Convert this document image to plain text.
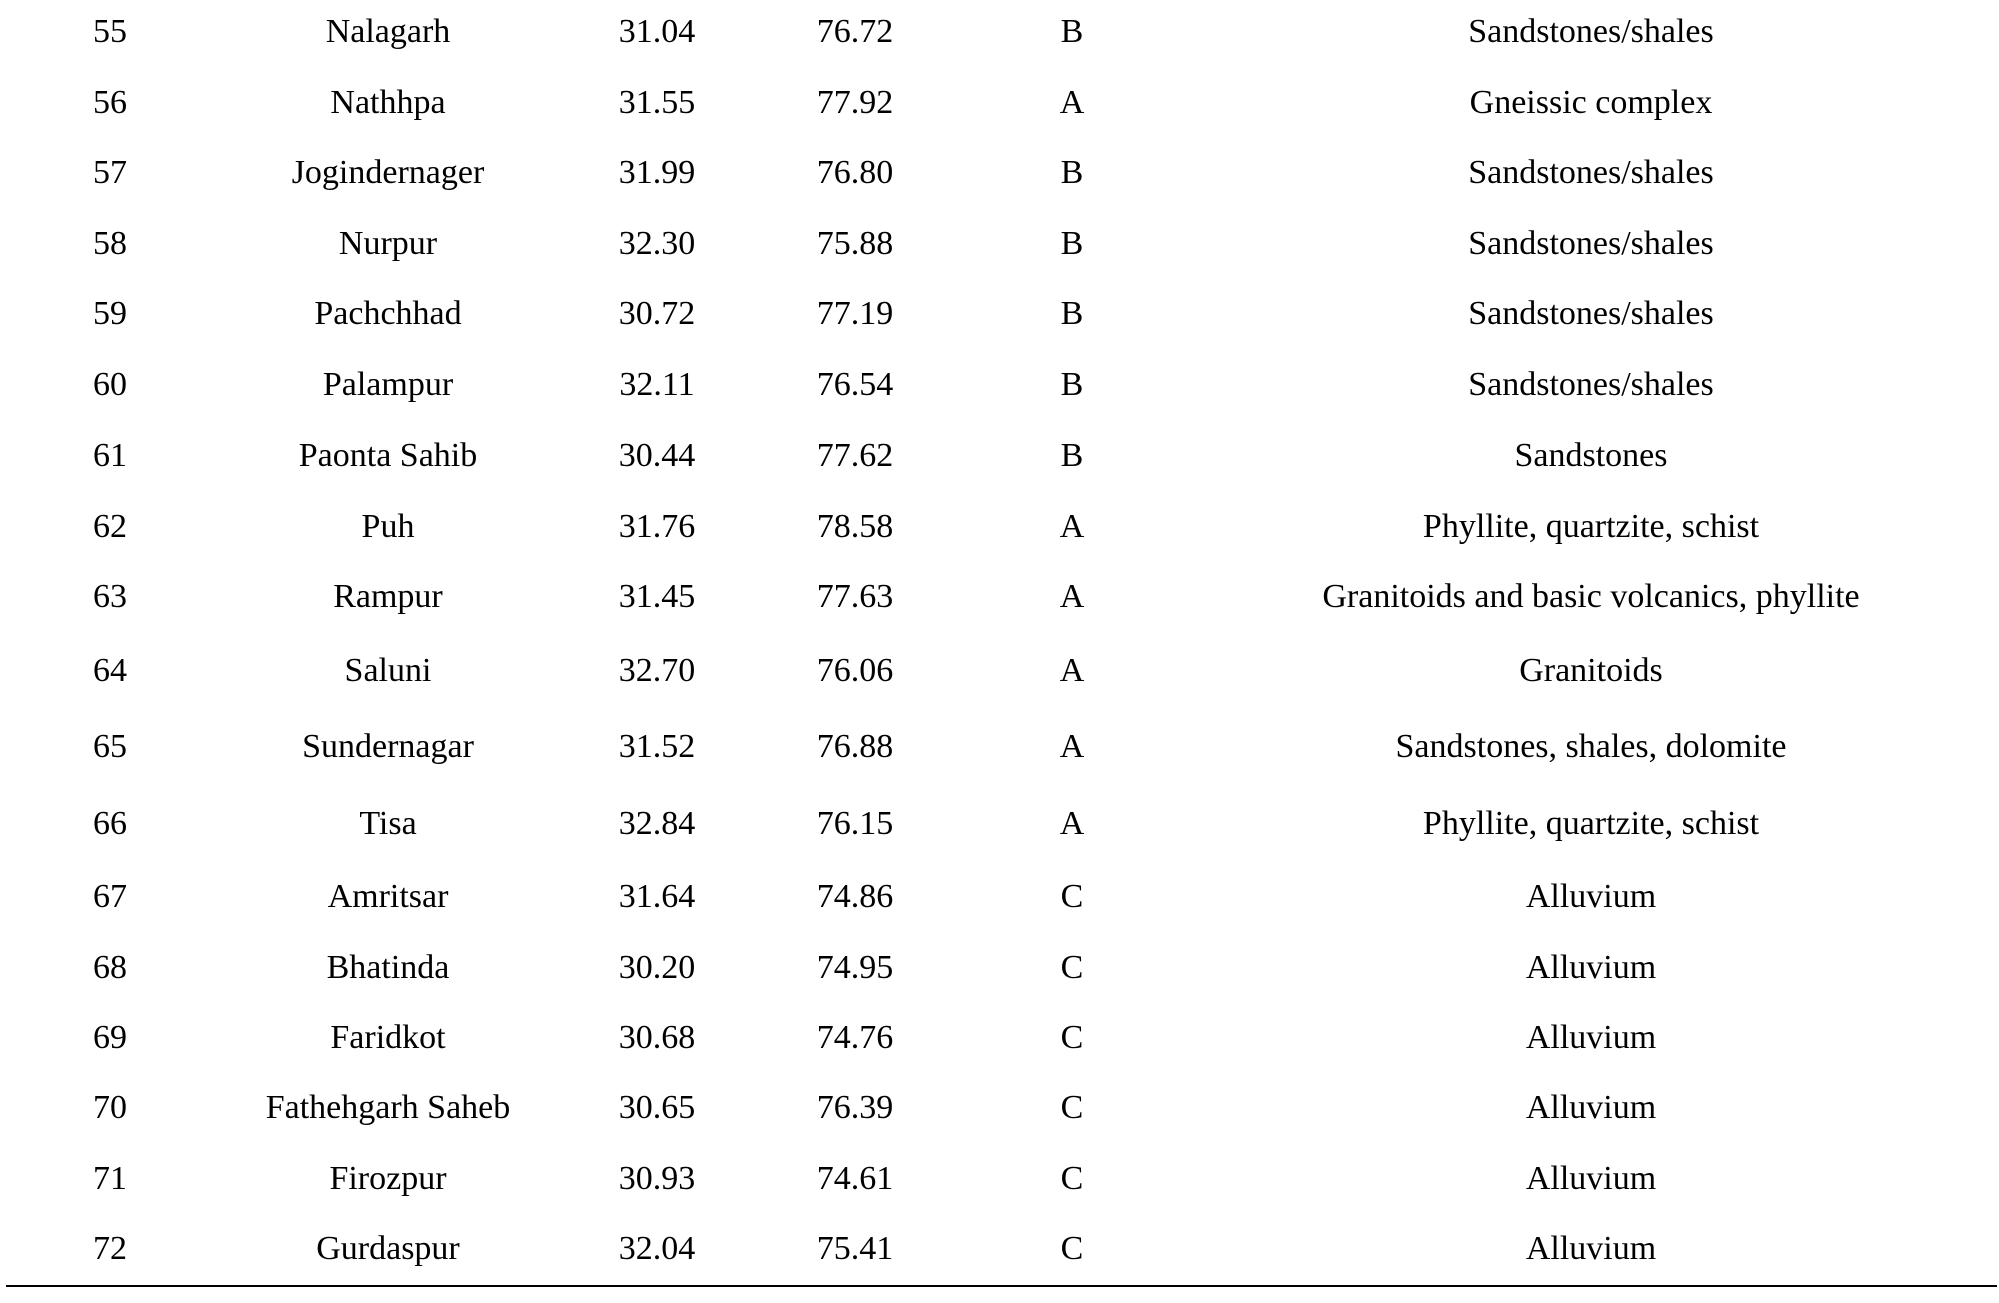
55	Nalagarh	31.04	76.72	B	Sandstones/shales
56	Nathhpa	31.55	77.92	A	Gneissic complex
57	Jogindernager	31.99	76.80	B	Sandstones/shales
58	Nurpur	32.30	75.88	B	Sandstones/shales
59	Pachchhad	30.72	77.19	B	Sandstones/shales
60	Palampur	32.11	76.54	B	Sandstones/shales
61	Paonta Sahib	30.44	77.62	B	Sandstones
62	Puh	31.76	78.58	A	Phyllite, quartzite, schist
63	Rampur	31.45	77.63	A	Granitoids and basic volcanics, phyllite
64	Saluni	32.70	76.06	A	Granitoids
65	Sundernagar	31.52	76.88	A	Sandstones, shales, dolomite
66	Tisa	32.84	76.15	A	Phyllite, quartzite, schist
67	Amritsar	31.64	74.86	C	Alluvium
68	Bhatinda	30.20	74.95	C	Alluvium
69	Faridkot	30.68	74.76	C	Alluvium
70	Fathehgarh Saheb	30.65	76.39	C	Alluvium
71	Firozpur	30.93	74.61	C	Alluvium
72	Gurdaspur	32.04	75.41	C	Alluvium
